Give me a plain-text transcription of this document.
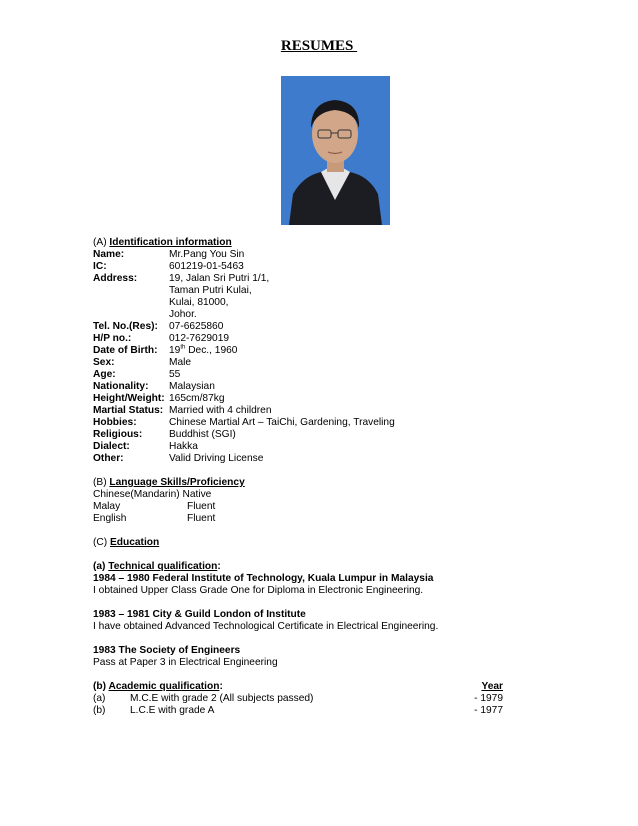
RESUMES
(A) Identification information
Name:	Mr.Pang You Sin
IC:	601219-01-5463
Address:	19, Jalan Sri Putri 1/1,
Taman Putri Kulai,
Kulai, 81000,
Johor.
Tel. No.(Res): 07-6625860
H/P no.:	012-7629019
Date of Birth: 19th Dec., 1960
Sex:	Male
Age:	55
Nationality: Malaysian
Height/Weight: 165cm/87kg
Martial Status: Married with 4 children
Hobbies:	Chinese Martial Art – TaiChi, Gardening, Traveling
Religious:	Buddhist (SGI)
Dialect:	Hakka
Other:	Valid Driving License
(B) Language Skills/Proficiency
Chinese(Mandarin) Native
Malay	Fluent
English	Fluent
(C) Education
(a) Technical qualification:
1984 – 1980 Federal Institute of Technology, Kuala Lumpur in Malaysia
I obtained Upper Class Grade One for Diploma in Electronic Engineering.
1983 – 1981 City & Guild London of Institute
I have obtained Advanced Technological Certificate in Electrical Engineering.
1983 The Society of Engineers
Pass at Paper 3 in Electrical Engineering
(b) Academic qualification:	Year
(a) M.C.E with grade 2 (All subjects passed)	- 1979
(b) L.C.E with grade A	- 1977
